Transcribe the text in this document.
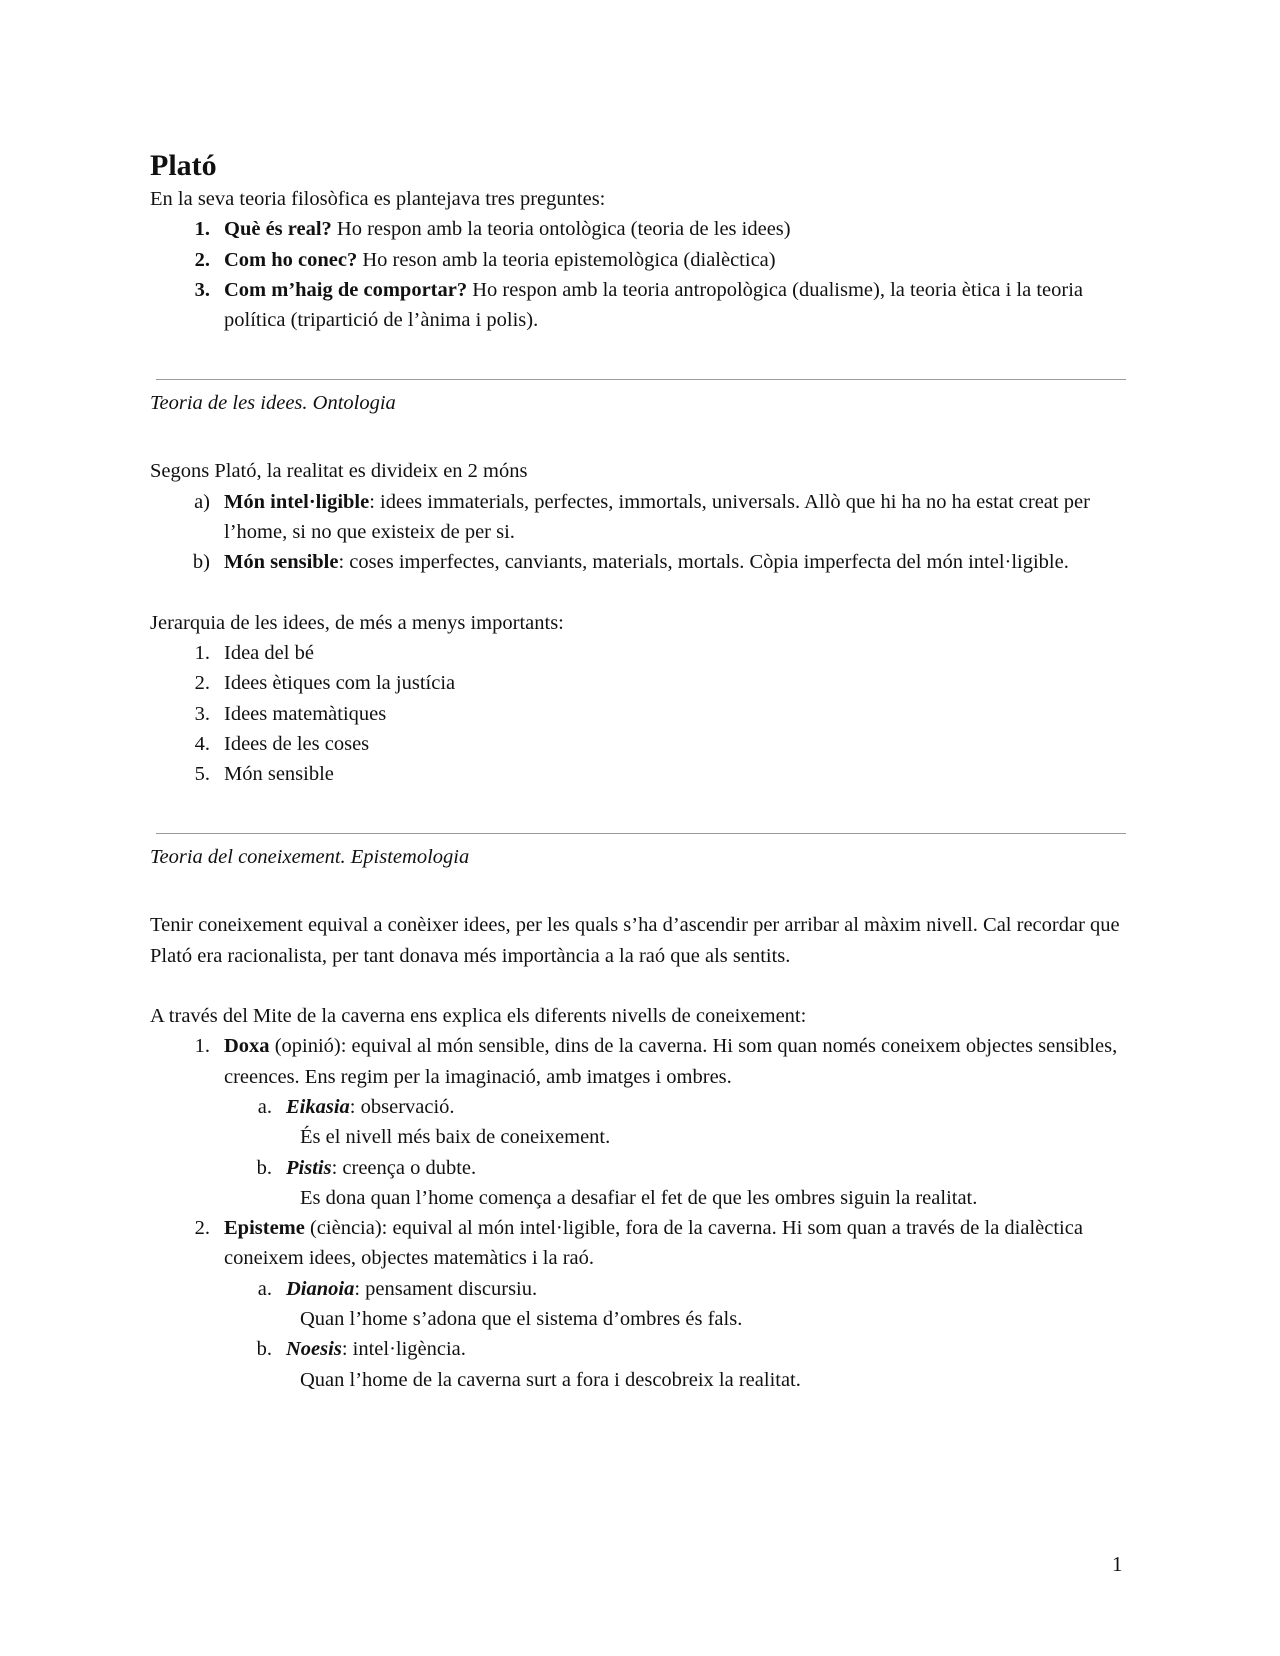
Plató
En la seva teoria filosòfica es plantejava tres preguntes:
1. Què és real? Ho respon amb la teoria ontològica (teoria de les idees)
2. Com ho conec? Ho reson amb la teoria epistemològica (dialèctica)
3. Com m’haig de comportar? Ho respon amb la teoria antropològica (dualisme), la teoria ètica i la teoria política (tripartició de l’ànima i polis).
Teoria de les idees. Ontologia
Segons Plató, la realitat es divideix en 2 móns
a) Món intel·ligible: idees immaterials, perfectes, immortals, universals. Allò que hi ha no ha estat creat per l’home, si no que existeix de per si.
b) Món sensible: coses imperfectes, canviants, materials, mortals. Còpia imperfecta del món intel·ligible.
Jerarquia de les idees, de més a menys importants:
1. Idea del bé
2. Idees ètiques com la justícia
3. Idees matemàtiques
4. Idees de les coses
5. Món sensible
Teoria del coneixement. Epistemologia
Tenir coneixement equival a conèixer idees, per les quals s’ha d’ascendir per arribar al màxim nivell. Cal recordar que Plató era racionalista, per tant donava més importància a la raó que als sentits.
A través del Mite de la caverna ens explica els diferents nivells de coneixement:
1. Doxa (opinió): equival al món sensible, dins de la caverna. Hi som quan només coneixem objectes sensibles, creences. Ens regim per la imaginació, amb imatges i ombres.
a. Eikasia: observació.
És el nivell més baix de coneixement.
b. Pistis: creença o dubte.
Es dona quan l’home comença a desafiar el fet de que les ombres siguin la realitat.
2. Episteme (ciència): equival al món intel·ligible, fora de la caverna. Hi som quan a través de la dialèctica coneixem idees, objectes matemàtics i la raó.
a. Dianoia: pensament discursiu.
Quan l’home s’adona que el sistema d’ombres és fals.
b. Noesis: intel·ligència.
Quan l’home de la caverna surt a fora i descobreix la realitat.
1
